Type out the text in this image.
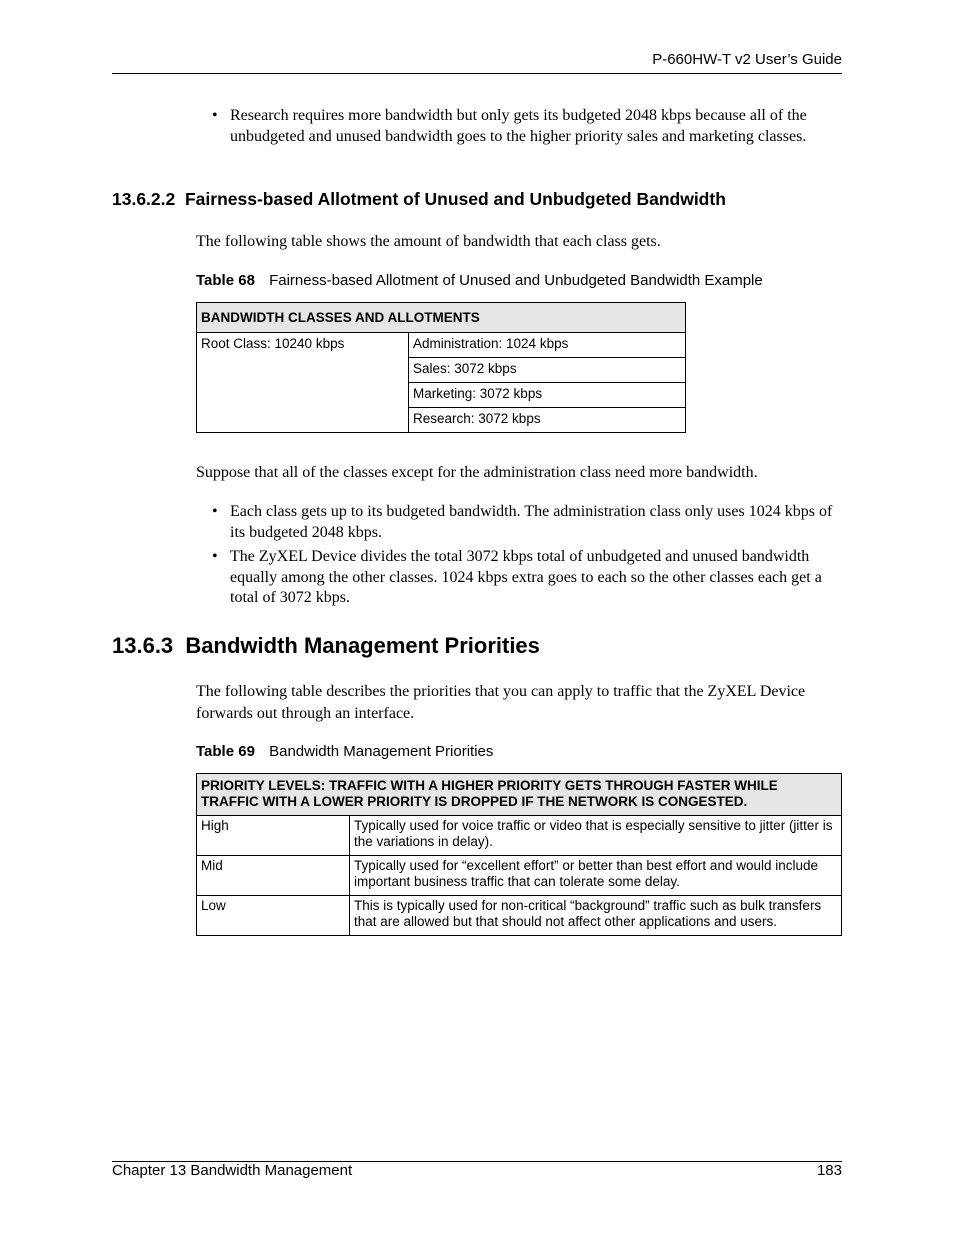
P-660HW-T v2 User’s Guide
• Research requires more bandwidth but only gets its budgeted 2048 kbps because all of the unbudgeted and unused bandwidth goes to the higher priority sales and marketing classes.
13.6.2.2 Fairness-based Allotment of Unused and Unbudgeted Bandwidth
The following table shows the amount of bandwidth that each class gets.
Table 68 Fairness-based Allotment of Unused and Unbudgeted Bandwidth Example
BANDWIDTH CLASSES AND ALLOTMENTS
Root Class: 10240 kbps	Administration: 1024 kbps
Sales: 3072 kbps
Marketing: 3072 kbps
Research: 3072 kbps
Suppose that all of the classes except for the administration class need more bandwidth.
• Each class gets up to its budgeted bandwidth. The administration class only uses 1024 kbps of its budgeted 2048 kbps.
• The ZyXEL Device divides the total 3072 kbps total of unbudgeted and unused bandwidth equally among the other classes. 1024 kbps extra goes to each so the other classes each get a total of 3072 kbps.
13.6.3 Bandwidth Management Priorities
The following table describes the priorities that you can apply to traffic that the ZyXEL Device forwards out through an interface.
Table 69 Bandwidth Management Priorities
PRIORITY LEVELS: TRAFFIC WITH A HIGHER PRIORITY GETS THROUGH FASTER WHILE TRAFFIC WITH A LOWER PRIORITY IS DROPPED IF THE NETWORK IS CONGESTED.	
High	Typically used for voice traffic or video that is especially sensitive to jitter (jitter is the variations in delay).
Mid	Typically used for “excellent effort” or better than best effort and would include important business traffic that can tolerate some delay.
Low	This is typically used for non-critical “background” traffic such as bulk transfers that are allowed but that should not affect other applications and users.
Chapter 13 Bandwidth Management	183
